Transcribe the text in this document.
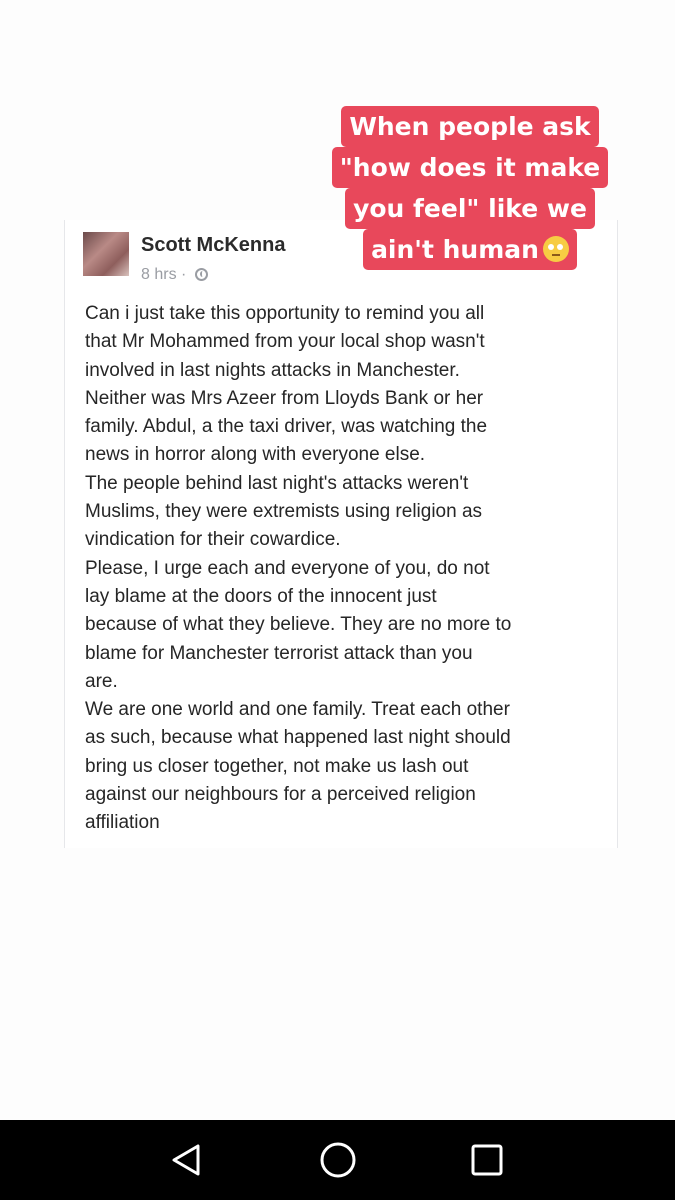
Scott McKenna
8 hrs ·
Can i just take this opportunity to remind you all
that Mr Mohammed from your local shop wasn't
involved in last nights attacks in Manchester.
Neither was Mrs Azeer from Lloyds Bank or her
family. Abdul, a the taxi driver, was watching the
news in horror along with everyone else.
The people behind last night's attacks weren't
Muslims, they were extremists using religion as
vindication for their cowardice.
Please, I urge each and everyone of you, do not
lay blame at the doors of the innocent just
because of what they believe. They are no more to
blame for Manchester terrorist attack than you
are.
We are one world and one family. Treat each other
as such, because what happened last night should
bring us closer together, not make us lash out
against our neighbours for a perceived religion
affiliation
When people ask
"how does it make
you feel" like we
ain't human
